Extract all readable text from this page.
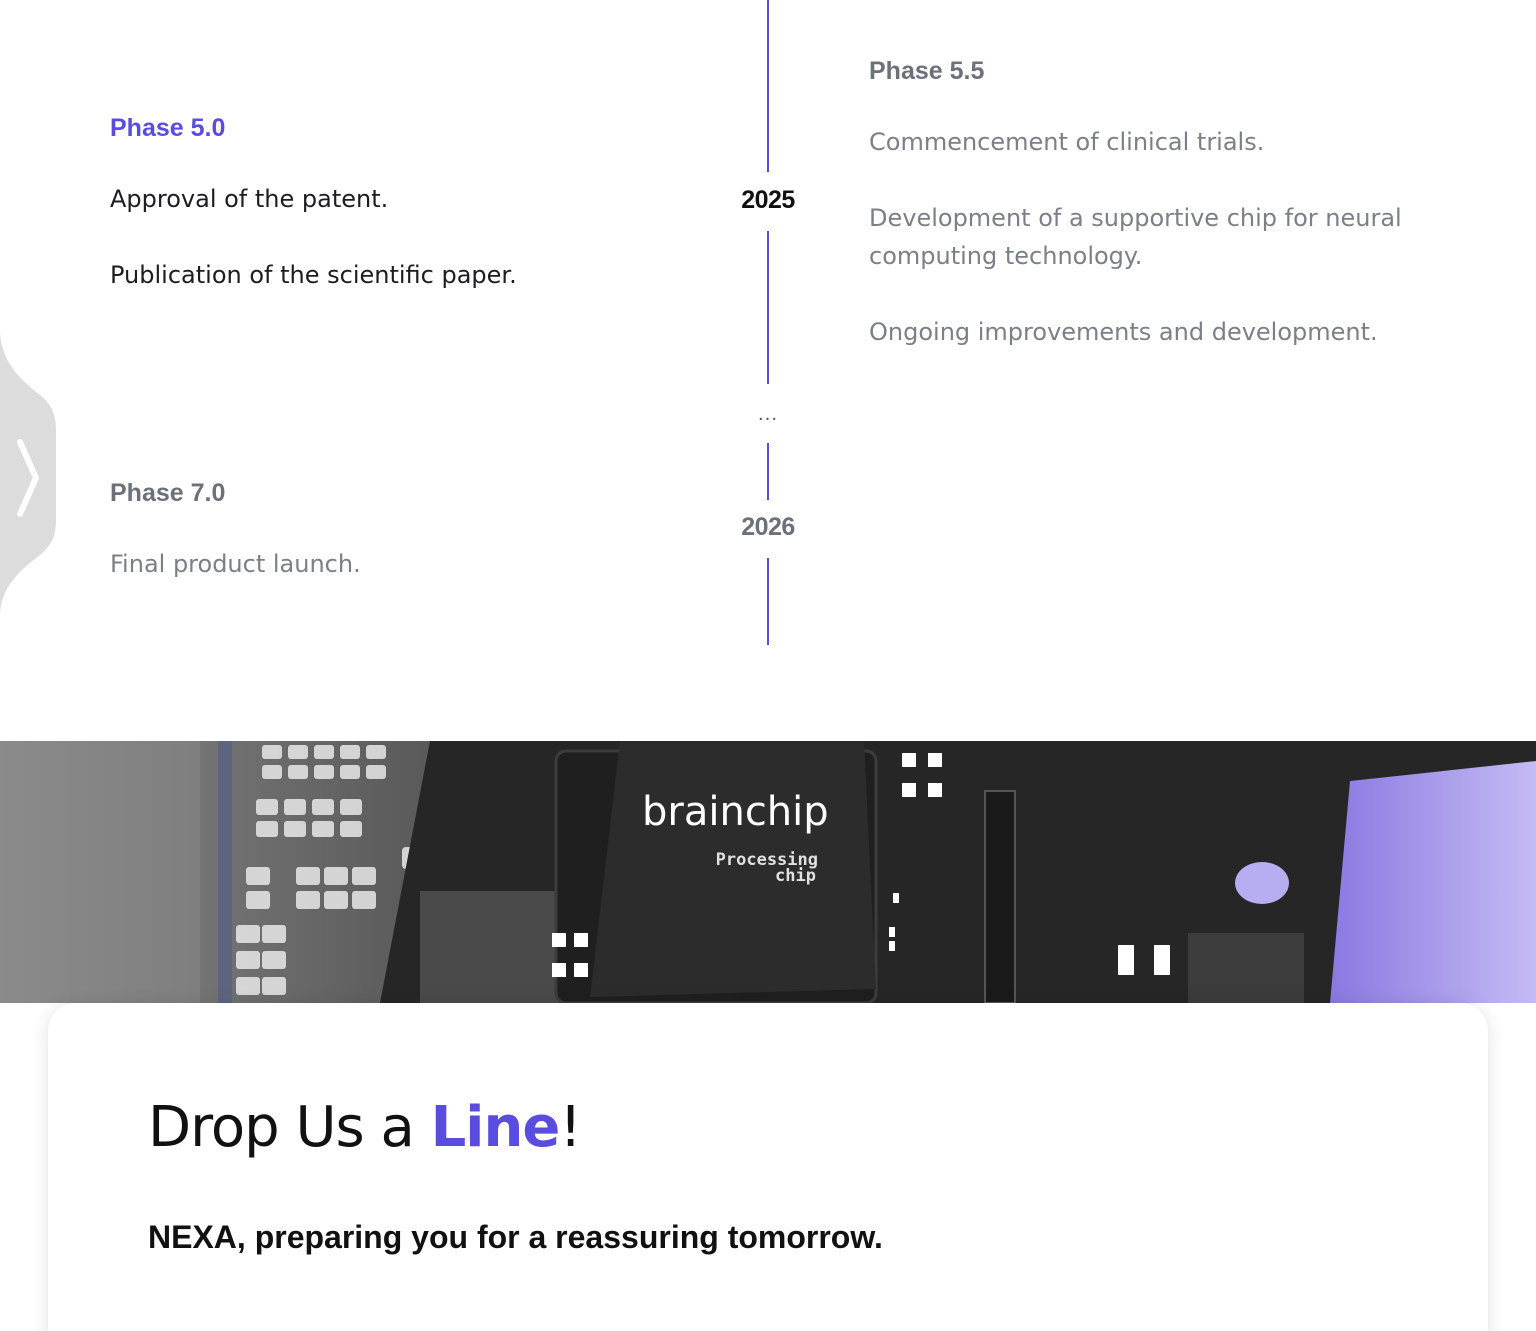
2025
...
2026
Phase 5.0
Approval of the patent.
Publication of the scientific paper.
Phase 5.5
Commencement of clinical trials.
Development of a supportive chip for neural computing technology.
Ongoing improvements and development.
Phase 7.0
Final product launch.
brainchip
Processing
chip
Drop Us a Line!

NEXA, preparing you for a reassuring tomorrow.
